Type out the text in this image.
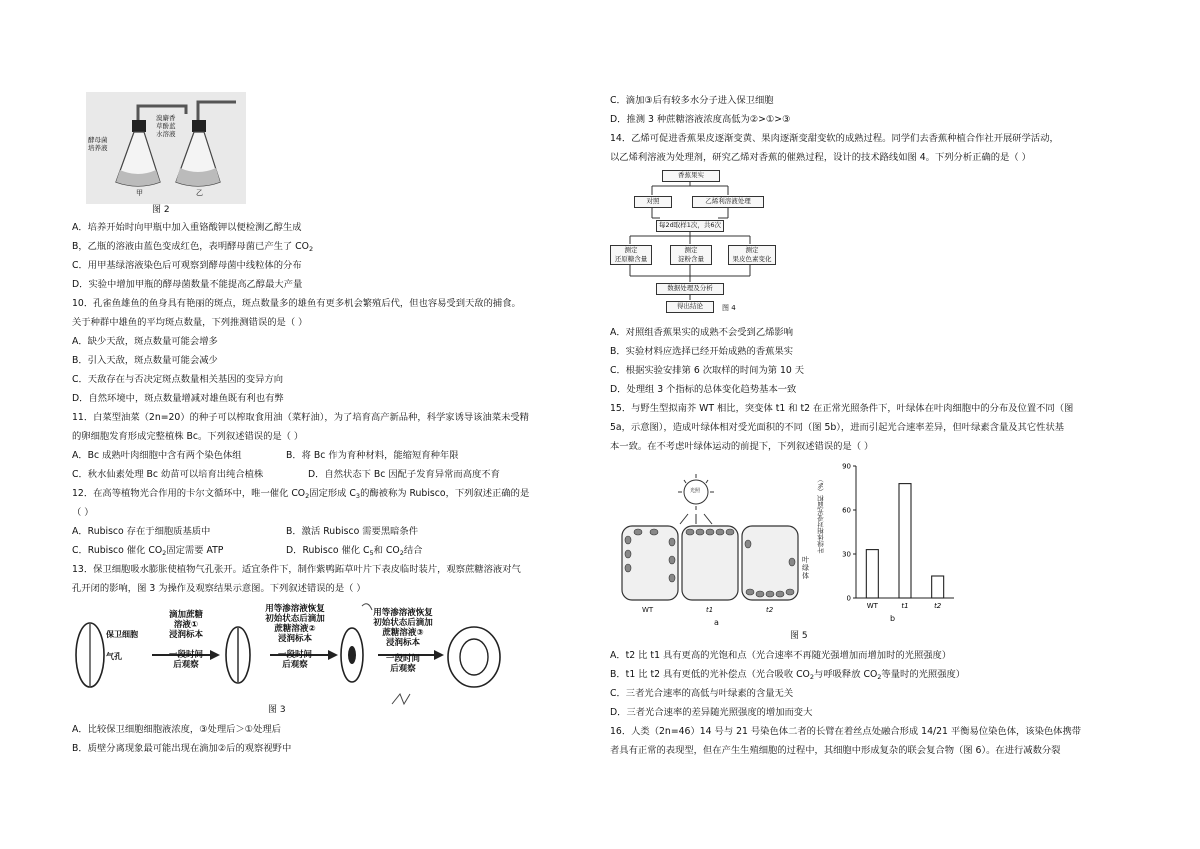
酵母菌
培养液
溴麝香
草酚蓝
水溶液
甲	乙
图 2
A．培养开始时向甲瓶中加入重铬酸钾以便检测乙醇生成
B，乙瓶的溶液由蓝色变成红色，表明酵母菌已产生了 $CO_2$
C．用甲基绿溶液染色后可观察到酵母菌中线粒体的分布
D．实验中增加甲瓶的酵母菌数量不能提高乙醇最大产量
10．孔雀鱼雄鱼的鱼身具有艳丽的斑点，斑点数量多的雄鱼有更多机会繁殖后代，但也容易受到天敌的捕食。
关于种群中雄鱼的平均斑点数量，下列推测错误的是（ ）
A．缺少天敌，斑点数量可能会增多
B．引入天敌，斑点数量可能会减少
C．天敌存在与否决定斑点数量相关基因的变异方向
D．自然环境中，斑点数量增减对雄鱼既有利也有弊
11．白菜型油菜（2n=20）的种子可以榨取食用油（菜籽油），为了培育高产新品种，科学家诱导该油菜未受精
的卵细胞发育形成完整植株 Bc。下列叙述错误的是（ ）
A．Bc 成熟叶肉细胞中含有两个染色体组	B．将 Bc 作为育种材料，能缩短育种年限
C．秋水仙素处理 Bc 幼苗可以培育出纯合植株	D．自然状态下 Bc 因配子发育异常而高度不育
12．在高等植物光合作用的卡尔文循环中，唯一催化 $CO_2$固定形成 $C_3$的酶被称为 Rubisco，下列叙述正确的是
（ ）
A．Rubisco 存在于细胞质基质中	B．激活 Rubisco 需要黑暗条件
C．Rubisco 催化 $CO_2$固定需要 ATP	D．Rubisco 催化 $C_5$和 $CO_2$结合
13．保卫细胞吸水膨胀使植物气孔张开。适宜条件下，制作紫鸭跖草叶片下表皮临时装片，观察蔗糖溶液对气
孔开闭的影响，图 3 为操作及观察结果示意图。下列叙述错误的是（ ）
保卫细胞
气孔
滴加蔗糖
溶液①
浸润标本
一段时间
后观察
用等渗溶液恢复
初始状态后滴加
蔗糖溶液②
浸润标本
一段时间
后观察
用等渗溶液恢复
初始状态后滴加
蔗糖溶液③
浸润标本
一段时间
后观察
图 3
A．比较保卫细胞细胞液浓度，③处理后＞①处理后
B．质壁分离现象最可能出现在滴加②后的观察视野中
C．滴加③后有较多水分子进入保卫细胞
D．推测 3 种蔗糖溶液浓度高低为②>①>③
14．乙烯可促进香蕉果皮逐渐变黄、果肉逐渐变甜变软的成熟过程。同学们去香蕉种植合作社开展研学活动，
以乙烯利溶液为处理剂，研究乙烯对香蕉的催熟过程，设计的技术路线如图 4。下列分析正确的是（ ）
香蕉果实
对照	乙烯利溶液处理
每2d取样1次，共6次
测定
还原糖含量
测定
淀粉含量
测定
果皮色素变化
数据处理及分析
得出结论	图 4
A．对照组香蕉果实的成熟不会受到乙烯影响
B．实验材料应选择已经开始成熟的香蕉果实
C．根据实验安排第 6 次取样的时间为第 10 天
D．处理组 3 个指标的总体变化趋势基本一致
15．与野生型拟南芥 WT 相比，突变体 t1 和 t2 在正常光照条件下，叶绿体在叶肉细胞中的分布及位置不同（图
5a，示意图），造成叶绿体相对受光面积的不同（图 5b），进而引起光合速率差异，但叶绿素含量及其它性状基
本一致。在不考虑叶绿体运动的前提下，下列叙述错误的是（ ）
光照
叶绿体
WT	t1	t2
a
叶绿体相对受光面积（%）
0
30
60
90
WT	t1	t2
b
图 5
A．t2 比 t1 具有更高的光饱和点（光合速率不再随光强增加而增加时的光照强度）
B．t1 比 t2 具有更低的光补偿点（光合吸收 $CO_2$与呼吸释放 $CO_2$等量时的光照强度）
C．三者光合速率的高低与叶绿素的含量无关
D．三者光合速率的差异随光照强度的增加而变大
16．人类（2n=46）14 号与 21 号染色体二者的长臂在着丝点处融合形成 14/21 平衡易位染色体，该染色体携带
者具有正常的表现型，但在产生生殖细胞的过程中，其细胞中形成复杂的联会复合物（图 6）。在进行减数分裂
